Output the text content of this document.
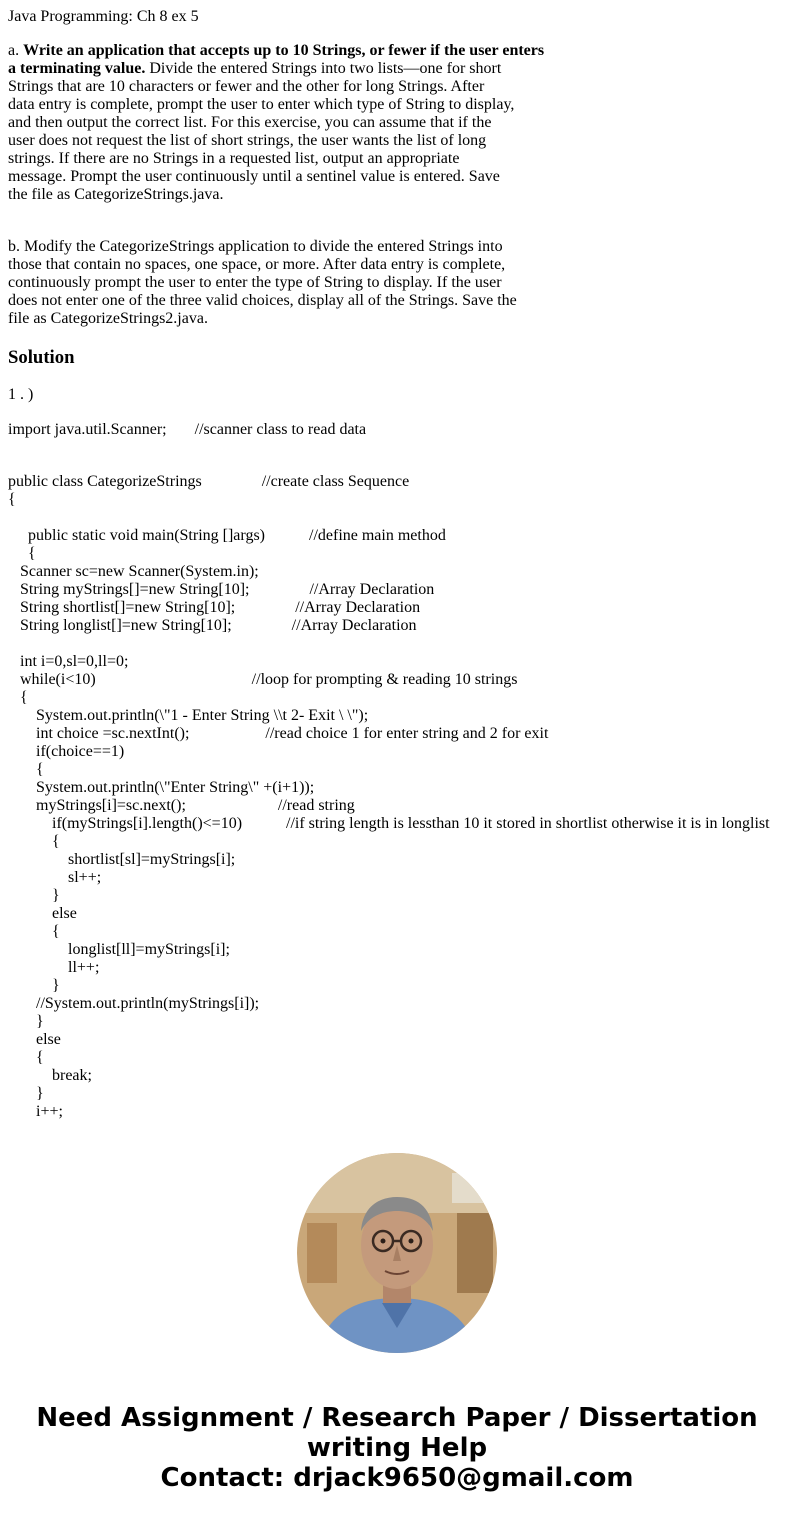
Java Programming: Ch 8 ex 5
a. Write an application that accepts up to 10 Strings, or fewer if the user enters
a terminating value. Divide the entered Strings into two lists—one for short
Strings that are 10 characters or fewer and the other for long Strings. After
data entry is complete, prompt the user to enter which type of String to display,
and then output the correct list. For this exercise, you can assume that if the
user does not request the list of short strings, the user wants the list of long
strings. If there are no Strings in a requested list, output an appropriate
message. Prompt the user continuously until a sentinel value is entered. Save
the file as CategorizeStrings.java.
b. Modify the CategorizeStrings application to divide the entered Strings into
those that contain no spaces, one space, or more. After data entry is complete,
continuously prompt the user to enter the type of String to display. If the user
does not enter one of the three valid choices, display all of the Strings. Save the
file as CategorizeStrings2.java.
Solution
1 . )
import java.util.Scanner;       //scanner class to read data
public class CategorizeStrings               //create class Sequence
{
public static void main(String []args)           //define main method
{
Scanner sc=new Scanner(System.in);
String myStrings[]=new String[10];               //Array Declaration
String shortlist[]=new String[10];               //Array Declaration
String longlist[]=new String[10];               //Array Declaration
int i=0,sl=0,ll=0;
while(i<10)                                       //loop for prompting & reading 10 strings
{
System.out.println(\"1 - Enter String \\t 2- Exit \ \");
int choice =sc.nextInt();                   //read choice 1 for enter string and 2 for exit
if(choice==1)
{
System.out.println(\"Enter String\" +(i+1));
myStrings[i]=sc.next();                       //read string
if(myStrings[i].length()<=10)           //if string length is lessthan 10 it stored in shortlist otherwise it is in longlist
{
shortlist[sl]=myStrings[i];
sl++;
}
else
{
longlist[ll]=myStrings[i];
ll++;
}
//System.out.println(myStrings[i]);
}
else
{
break;
}
i++;
Need Assignment / Research Paper / Dissertation
writing Help
Contact: drjack9650@gmail.com
